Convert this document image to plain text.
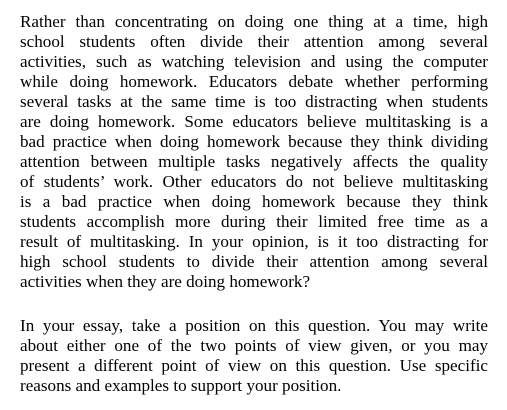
Rather than concentrating on doing one thing at a time, high
school students often divide their attention among several
activities, such as watching television and using the computer
while doing homework. Educators debate whether performing
several tasks at the same time is too distracting when students
are doing homework. Some educators believe multitasking is a
bad practice when doing homework because they think dividing
attention between multiple tasks negatively affects the quality
of students’ work. Other educators do not believe multitasking
is a bad practice when doing homework because they think
students accomplish more during their limited free time as a
result of multitasking. In your opinion, is it too distracting for
high school students to divide their attention among several
activities when they are doing homework?
In your essay, take a position on this question. You may write
about either one of the two points of view given, or you may
present a different point of view on this question. Use specific
reasons and examples to support your position.
